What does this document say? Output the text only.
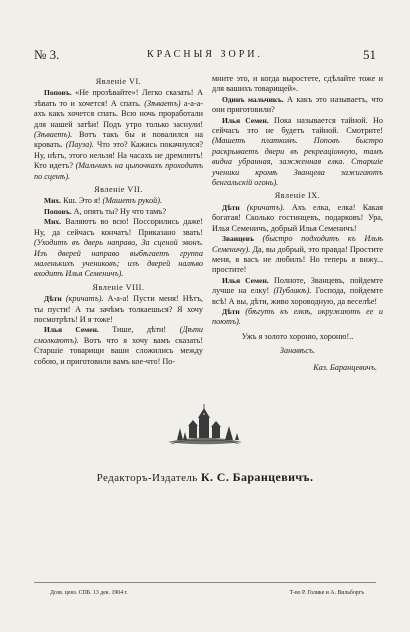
№ 3.	КРАСНЫЯ ЗОРИ.	51

Явленіе VI.

Поповъ. «Не прозѣвайте»! Легко сказать! А зѣвать то и хочется! А спать. (Зѣваетъ) а-а-а-ахъ какъ хочется спать. Всю ночь проработали для нашей затѣи! Подъ утро только заснули! (Зѣваетъ). Вотъ такъ бы и повалился на кровать. (Пауза). Что это? Кажись покачнулся? Ну, нѣтъ, этого нельзя! На часахъ не дремлютъ! Кто идетъ? (Мальчикъ на цыпочкахъ проходитъ по сценѣ).

Явленіе VII.

Мих. Кш. Это я! (Машетъ рукой).

Поповъ. А, опять ты? Ну что тамъ?

Мих. Валяютъ во всю! Поссорились даже! Ну, да сейчасъ кончатъ! Приказано звать! (Уходитъ въ дверь направо, За сценой звонъ. Изъ дверей направо выбѣгаетъ группа маленькихъ учениковъ; изъ дверей налѣво входитъ Илья Семеничъ).

Явленіе VIII.

Дѣти (кричатъ). А-а-а! Пусти меня! Нѣтъ, ты пусти! А ты зачѣмъ толкаешься? Я хочу посмотрѣть! И я тоже!

Илья Семен. Тише, дѣти! (Дѣти смолкаютъ). Вотъ что я хочу вамъ сказать! Старшіе товарищи ваши сложились между собою, и приготовили вамъ кое-что! По-

мните это, и когда выростете, сдѣлайте тоже и для вашихъ товарищей».

Одинъ мальчикъ. А какъ это называетъ, что они приготовили?

Илья Семен. Пока называется тайной. Но сейчасъ это не будетъ тайной. Смотрите! (Машетъ платкомъ. Поповъ быстро раскрываетъ двери въ рекреаціонную, тамъ видна убранная, зажженная елка. Старшіе ученики кромѣ Званцева зажигаютъ бенгальскій огонь).

Явленіе IX.

Дѣти (кричатъ). Ахъ елка, елка! Какая богатая! Сколько гостинцевъ, подарковъ! Ура, Илья Семеничъ, добрый Илья Семеничъ!

Званцевъ (быстро подходитъ къ Ильѣ Семеничу). Да, вы добрый, это правда! Простите меня, я васъ не любилъ! Но теперь я вижу... простите!

Илья Семен. Полноте, Званцевъ, пойдемте лучше на елку! (Публикѣ). Господа, пойдемте всѣ! А вы, дѣти, живо хороводную, да веселѣе!

Дѣти (бѣгутъ къ елкѣ, окружаютъ ее и поютъ).

Ужъ я золото хороню, хороню!..

Занавѣсъ.

Каз. Баранцевичъ.

Редакторъ-Издатель К. С. Баранцевичъ.
Дозв. ценз. СПБ. 13 дек. 1904 г.	Т-во Р. Голике и А. Вильборгъ
